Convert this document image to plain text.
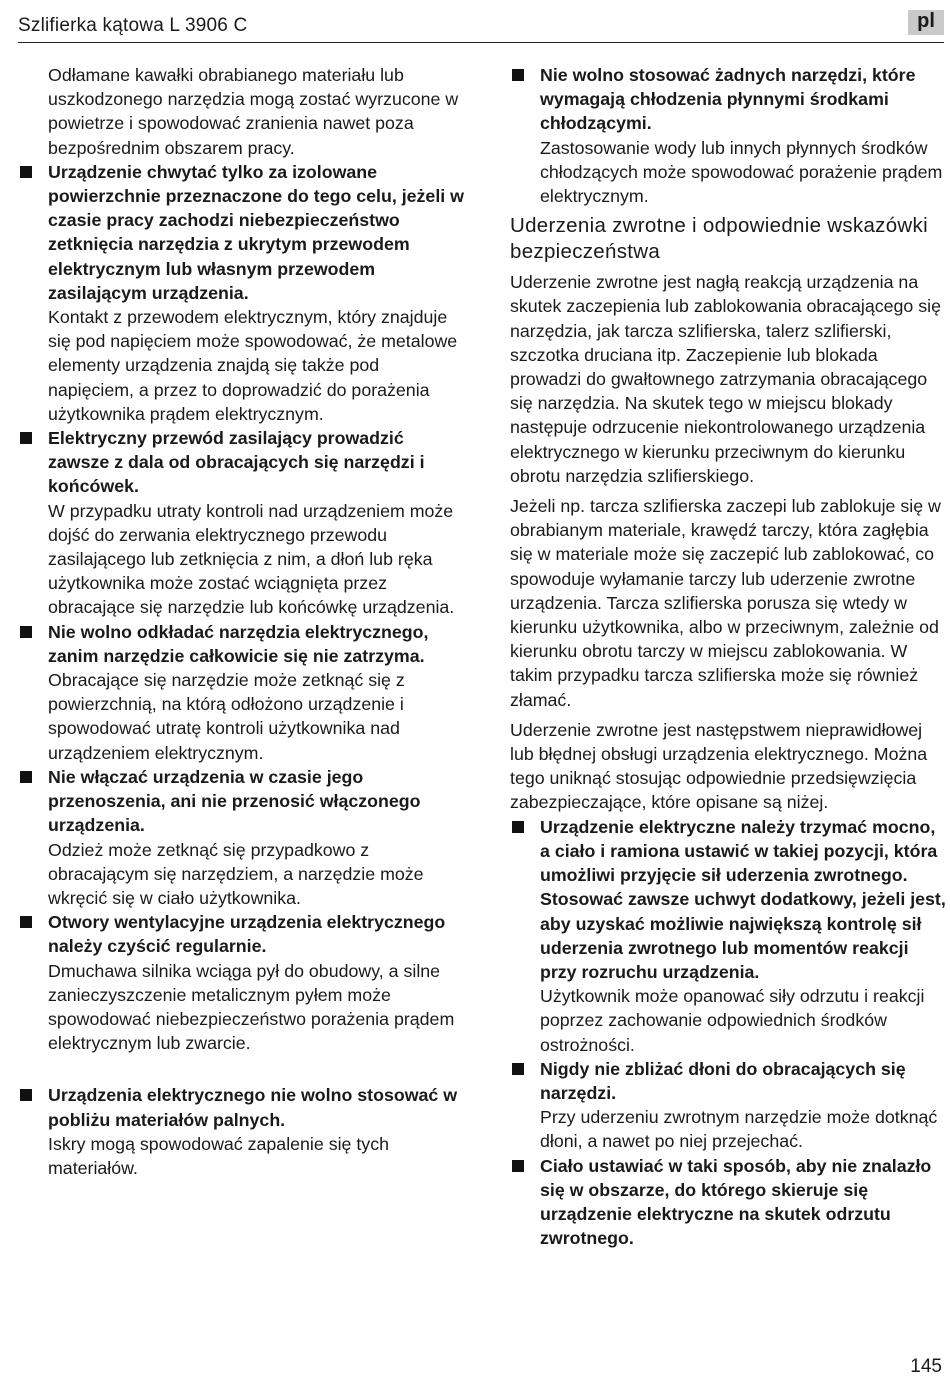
Szlifierka kątowa L 3906 C	pl

Odłamane kawałki obrabianego materiału lub uszkodzonego narzędzia mogą zostać wyrzucone w powietrze i spowodować zranienia nawet poza bezpośrednim obszarem pracy.

Urządzenie chwytać tylko za izolowane powierzchnie przeznaczone do tego celu, jeżeli w czasie pracy zachodzi niebezpieczeństwo zetknięcia narzędzia z ukrytym przewodem elektrycznym lub własnym przewodem zasilającym urządzenia.
Kontakt z przewodem elektrycznym, który znajduje się pod napięciem może spowodować, że metalowe elementy urządzenia znajdą się także pod napięciem, a przez to doprowadzić do porażenia użytkownika prądem elektrycznym.
Elektryczny przewód zasilający prowadzić zawsze z dala od obracających się narzędzi i końcówek.
W przypadku utraty kontroli nad urządzeniem może dojść do zerwania elektrycznego przewodu zasilającego lub zetknięcia z nim, a dłoń lub ręka użytkownika może zostać wciągnięta przez obracające się narzędzie lub końcówkę urządzenia.
Nie wolno odkładać narzędzia elektrycznego, zanim narzędzie całkowicie się nie zatrzyma.
Obracające się narzędzie może zetknąć się z powierzchnią, na którą odłożono urządzenie i spowodować utratę kontroli użytkownika nad urządzeniem elektrycznym.
Nie włączać urządzenia w czasie jego przenoszenia, ani nie przenosić włączonego urządzenia.
Odzież może zetknąć się przypadkowo z obracającym się narzędziem, a narzędzie może wkręcić się w ciało użytkownika.
Otwory wentylacyjne urządzenia elektrycznego należy czyścić regularnie.
Dmuchawa silnika wciąga pył do obudowy, a silne zanieczyszczenie metalicznym pyłem może spowodować niebezpieczeństwo porażenia prądem elektrycznym lub zwarcie.
Urządzenia elektrycznego nie wolno stosować w pobliżu materiałów palnych.
Iskry mogą spowodować zapalenie się tych materiałów.
Nie wolno stosować żadnych narzędzi, które wymagają chłodzenia płynnymi środkami chłodzącymi.
Zastosowanie wody lub innych płynnych środków chłodzących może spowodować porażenie prądem elektrycznym.
Uderzenia zwrotne i odpowiednie wskazówki bezpieczeństwa

Uderzenie zwrotne jest nagłą reakcją urządzenia na skutek zaczepienia lub zablokowania obracającego się narzędzia, jak tarcza szlifierska, talerz szlifierski, szczotka druciana itp. Zaczepienie lub blokada prowadzi do gwałtownego zatrzymania obracającego się narzędzia. Na skutek tego w miejscu blokady następuje odrzucenie niekontrolowanego urządzenia elektrycznego w kierunku przeciwnym do kierunku obrotu narzędzia szlifierskiego.

Jeżeli np. tarcza szlifierska zaczepi lub zablokuje się w obrabianym materiale, krawędź tarczy, która zagłębia się w materiale może się zaczepić lub zablokować, co spowoduje wyłamanie tarczy lub uderzenie zwrotne urządzenia. Tarcza szlifierska porusza się wtedy w kierunku użytkownika, albo w przeciwnym, zależnie od kierunku obrotu tarczy w miejscu zablokowania. W takim przypadku tarcza szlifierska może się również złamać.

Uderzenie zwrotne jest następstwem nieprawidłowej lub błędnej obsługi urządzenia elektrycznego. Można tego uniknąć stosując odpowiednie przedsięwzięcia zabezpieczające, które opisane są niżej.

Urządzenie elektryczne należy trzymać mocno, a ciało i ramiona ustawić w takiej pozycji, która umożliwi przyjęcie sił uderzenia zwrotnego. Stosować zawsze uchwyt dodatkowy, jeżeli jest, aby uzyskać możliwie największą kontrolę sił uderzenia zwrotnego lub momentów reakcji przy rozruchu urządzenia.
Użytkownik może opanować siły odrzutu i reakcji poprzez zachowanie odpowiednich środków ostrożności.
Nigdy nie zbliżać dłoni do obracających się narzędzi.
Przy uderzeniu zwrotnym narzędzie może dotknąć dłoni, a nawet po niej przejechać.
Ciało ustawiać w taki sposób, aby nie znalazło się w obszarze, do którego skieruje się urządzenie elektryczne na skutek odrzutu zwrotnego.
145
